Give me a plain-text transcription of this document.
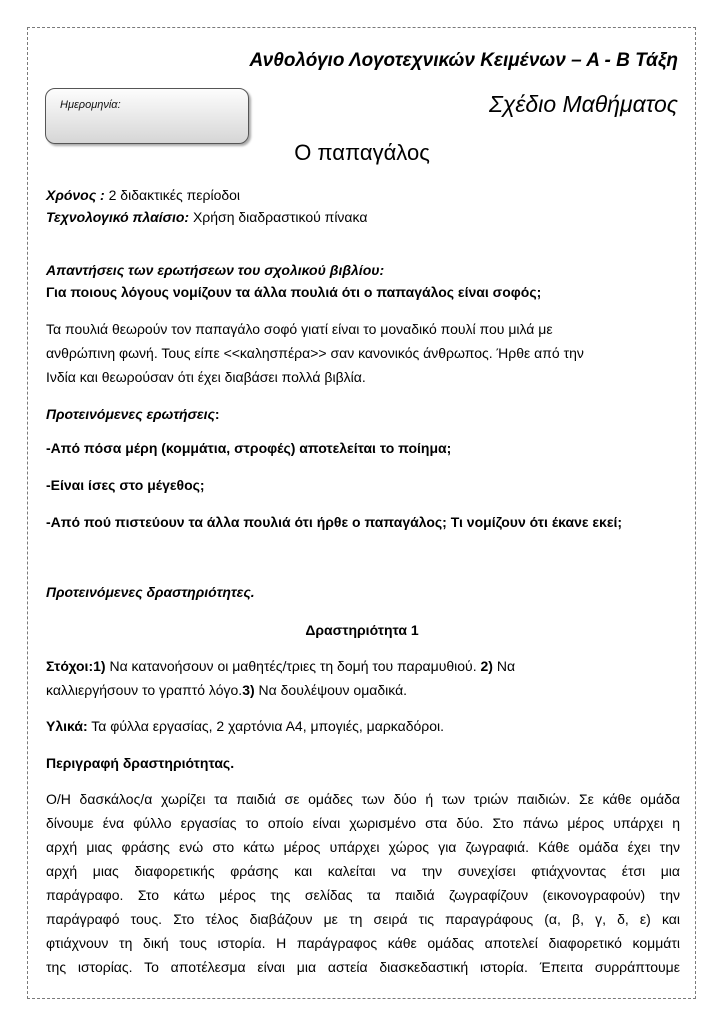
Ανθολόγιο Λογοτεχνικών Κειμένων – Α - Β Τάξη
Ημερομηνία:	Σχέδιο Μαθήματος
Ο παπαγάλος
Χρόνος : 2 διδακτικές περίοδοι
Τεχνολογικό πλαίσιο: Χρήση διαδραστικού πίνακα
Απαντήσεις των ερωτήσεων του σχολικού βιβλίου:
Για ποιους λόγους νομίζουν τα άλλα πουλιά ότι ο παπαγάλος είναι σοφός;
Τα πουλιά θεωρούν τον παπαγάλο σοφό γιατί είναι το μοναδικό πουλί που μιλά με
ανθρώπινη φωνή. Τους είπε <<καλησπέρα>> σαν κανονικός άνθρωπος. Ήρθε από την
Ινδία και θεωρούσαν ότι έχει διαβάσει πολλά βιβλία.
Προτεινόμενες ερωτήσεις:
-Από πόσα μέρη (κομμάτια, στροφές) αποτελείται το ποίημα;
-Είναι ίσες στο μέγεθος;
-Από πού πιστεύουν τα άλλα πουλιά ότι ήρθε ο παπαγάλος; Τι νομίζουν ότι έκανε εκεί;
Προτεινόμενες δραστηριότητες.
Δραστηριότητα 1
Στόχοι:1) Να κατανοήσουν οι μαθητές/τριες τη δομή του παραμυθιού. 2) Να
καλλιεργήσουν το γραπτό λόγο.3) Να δουλέψουν ομαδικά.
Υλικά: Τα φύλλα εργασίας, 2 χαρτόνια Α4, μπογιές, μαρκαδόροι.
Περιγραφή δραστηριότητας.
Ο/Η δασκάλος/α χωρίζει τα παιδιά σε ομάδες των δύο ή των τριών παιδιών. Σε κάθε ομάδα
δίνουμε ένα φύλλο εργασίας το οποίο είναι χωρισμένο στα δύο. Στο πάνω μέρος υπάρχει η
αρχή μιας φράσης ενώ στο κάτω μέρος υπάρχει χώρος για ζωγραφιά. Κάθε ομάδα έχει την
αρχή μιας διαφορετικής φράσης και καλείται να την συνεχίσει φτιάχνοντας έτσι μια
παράγραφο. Στο κάτω μέρος της σελίδας τα παιδιά ζωγραφίζουν (εικονογραφούν) την
παράγραφό τους. Στο τέλος διαβάζουν με τη σειρά τις παραγράφους (α, β, γ, δ, ε) και
φτιάχνουν τη δική τους ιστορία. Η παράγραφος κάθε ομάδας αποτελεί διαφορετικό κομμάτι
της ιστορίας. Το αποτέλεσμα είναι μια αστεία διασκεδαστική ιστορία. Έπειτα συρράπτουμε
